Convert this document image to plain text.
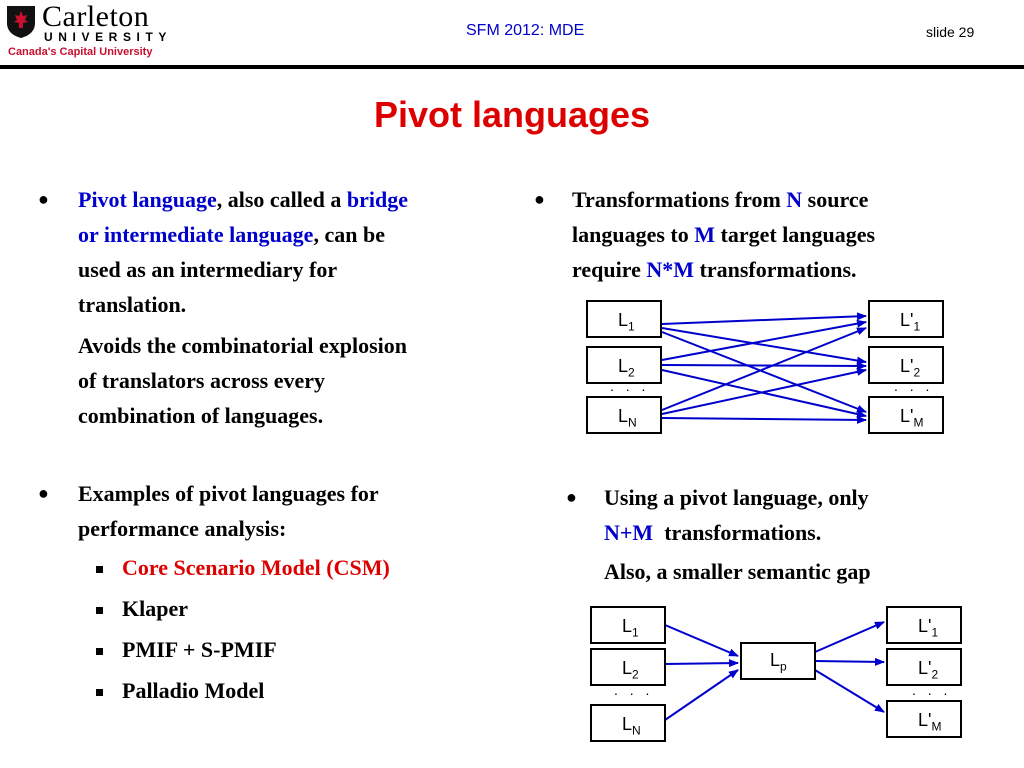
Carleton
UNIVERSITY
Canada's Capital University
SFM 2012: MDE	slide 29
Pivot languages
● Pivot language, also called a bridge
or intermediate language, can be
used as an intermediary for
translation.
Avoids the combinatorial explosion
of translators across every
combination of languages.
● Examples of pivot languages for
performance analysis:
Core Scenario Model (CSM)
Klaper
PMIF + S-PMIF
Palladio Model
● Transformations from N source
languages to M target languages
require N*M transformations.
● Using a pivot language, only
N+M  transformations.
Also, a smaller semantic gap
$L_1$
$L_2$
. . .
$L_N$
$L'_1$
$L'_2$
. . .
$L'_M$
$L_1$
$L_2$
. . .
$L_N$
$L_p$
$L'_1$
$L'_2$
. . .
$L'_M$
